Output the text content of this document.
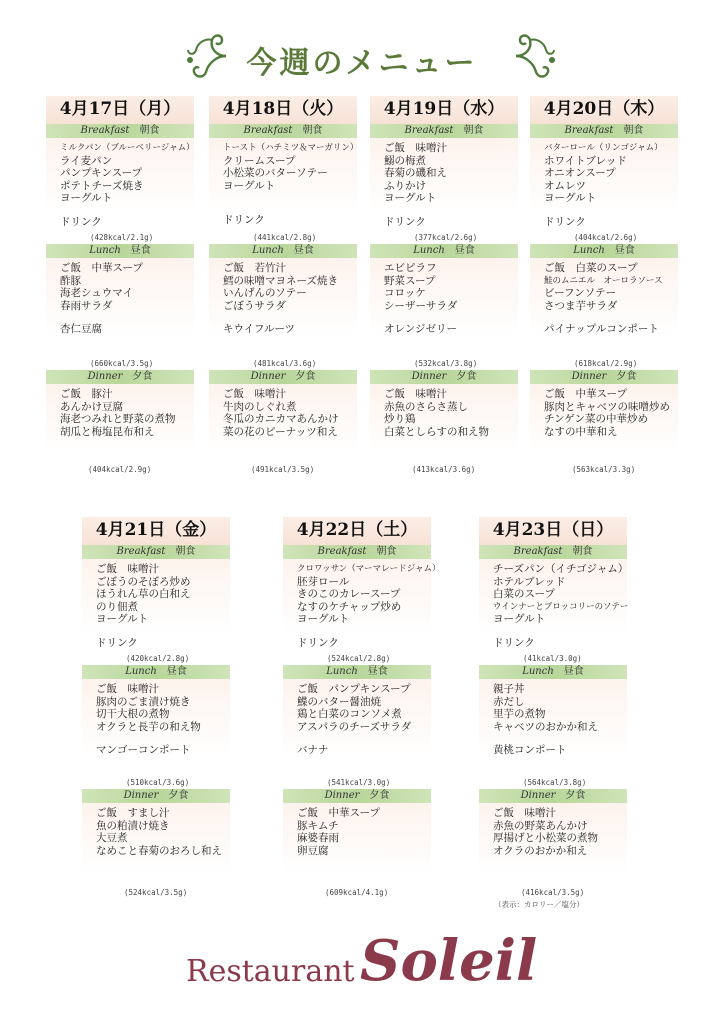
今週のメニュー
4月17日（月）
Breakfast　 朝食
ミルクパン（ブルーベリージャム）
ライ麦パン
パンプキンスープ
ポテトチーズ焼き
ヨーグルト
ドリンク
(428kcal/2.1g)
Lunch　 昼食
ご飯　中華スープ
酢豚
海老シュウマイ
春雨サラダ
杏仁豆腐
(660kcal/3.5g)
Dinner　 夕食
ご飯　豚汁
あんかけ豆腐
海老つみれと野菜の煮物
胡瓜と梅塩昆布和え
(404kcal/2.9g)
4月18日（火）
Breakfast　 朝食
トースト（ハチミツ＆マーガリン）
クリームスープ
小松菜のバターソテー
ヨーグルト
ドリンク
(441kcal/2.8g)
Lunch　 昼食
ご飯　若竹汁
鱈の味噌マヨネーズ焼き
いんげんのソテー
ごぼうサラダ
キウイフルーツ
(481kcal/3.6g)
Dinner　 夕食
ご飯　味噌汁
牛肉のしぐれ煮
冬瓜のカニカマあんかけ
菜の花のピーナッツ和え
(491kcal/3.5g)
4月19日（水）
Breakfast　 朝食
ご飯　味噌汁
鰯の梅煮
春菊の磯和え
ふりかけ
ヨーグルト
ドリンク
(377kcal/2.6g)
Lunch　 昼食
エビピラフ
野菜スープ
コロッケ
シーザーサラダ
オレンジゼリー
(532kcal/3.8g)
Dinner　 夕食
ご飯　味噌汁
赤魚のさらさ蒸し
炒り鶏
白菜としらすの和え物
(413kcal/3.6g)
4月20日（木）
Breakfast　 朝食
バターロール（リンゴジャム）
ホワイトブレッド
オニオンスープ
オムレツ
ヨーグルト
ドリンク
(404kcal/2.6g)
Lunch　 昼食
ご飯　白菜のスープ
鮭のムニエル　オーロラソース
ビーフンソテー
さつま芋サラダ
パイナップルコンポート
(618kcal/2.9g)
Dinner　 夕食
ご飯　中華スープ
豚肉とキャベツの味噌炒め
チンゲン菜の中華炒め
なすの中華和え
(563kcal/3.3g)
4月21日（金）
Breakfast　 朝食
ご飯　味噌汁
ごぼうのそぼろ炒め
ほうれん草の白和え
のり佃煮
ヨーグルト
ドリンク
(420kcal/2.8g)
Lunch　 昼食
ご飯　味噌汁
豚肉のごま漬け焼き
切干大根の煮物
オクラと長芋の和え物
マンゴーコンポート
(510kcal/3.6g)
Dinner　 夕食
ご飯　すまし汁
魚の粕漬け焼き
大豆煮
なめこと春菊のおろし和え
(524kcal/3.5g)
4月22日（土）
Breakfast　 朝食
クロワッサン（マーマレードジャム）
胚芽ロール
きのこのカレースープ
なすのケチャップ炒め
ヨーグルト
ドリンク
(524kcal/2.8g)
Lunch　 昼食
ご飯　パンプキンスープ
鰈のバター醤油焼
鶏と白菜のコンソメ煮
アスパラのチーズサラダ
バナナ
(541kcal/3.0g)
Dinner　 夕食
ご飯　中華スープ
豚キムチ
麻婆春雨
卵豆腐
(609kcal/4.1g)
4月23日（日）
Breakfast　 朝食
チーズパン（イチゴジャム）
ホテルブレッド
白菜のスープ
ウインナーとブロッコリーのソテー
ヨーグルト
ドリンク
(41kcal/3.0g)
Lunch　 昼食
親子丼
赤だし
里芋の煮物
キャベツのおかか和え
黄桃コンポート
(564kcal/3.8g)
Dinner　 夕食
ご飯　味噌汁
赤魚の野菜あんかけ
厚揚げと小松菜の煮物
オクラのおかか和え
(416kcal/3.5g)
（表示：カロリー／塩分）
Restaurant Soleil
